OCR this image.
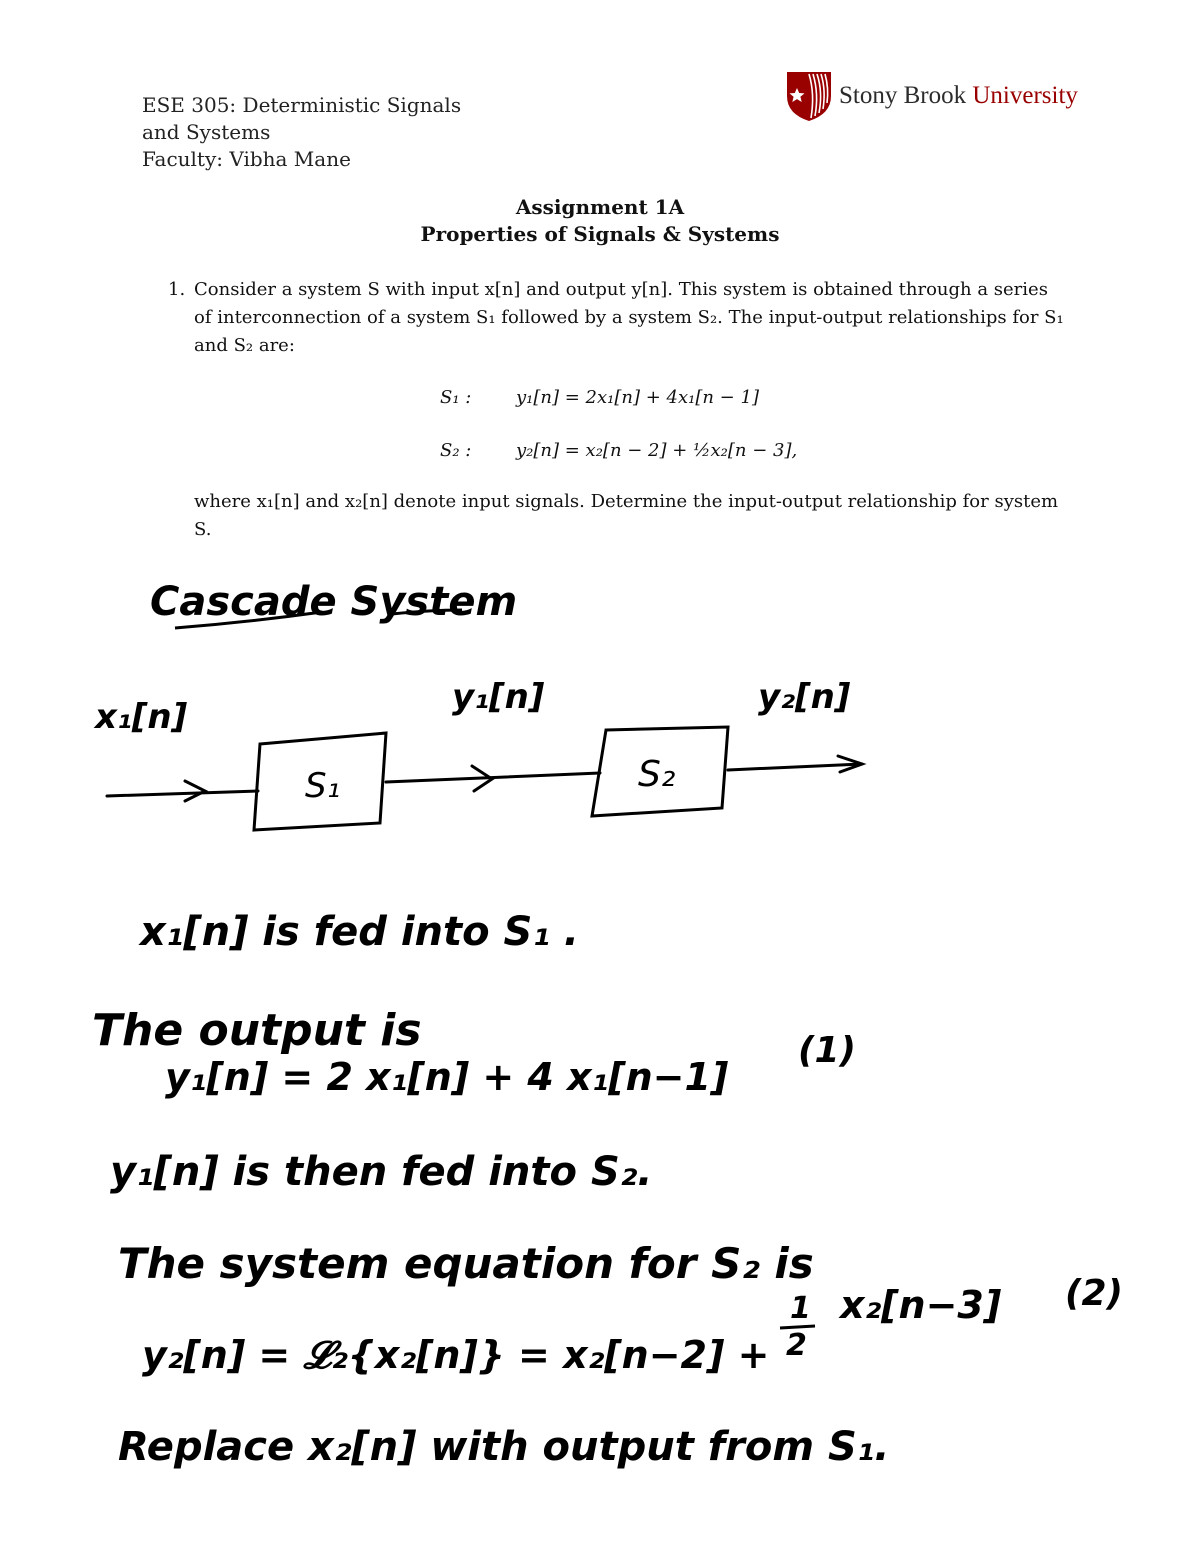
ESE 305: Deterministic Signals
and Systems
Faculty: Vibha Mane
Stony Brook University
Assignment 1A
Properties of Signals & Systems
1. Consider a system S with input x[n] and output y[n]. This system is obtained through a series of interconnection of a system S₁ followed by a system S₂. The input-output relationships for S₁ and S₂ are:
S₁ : y₁[n] = 2x₁[n] + 4x₁[n − 1]
S₂ : y₂[n] = x₂[n − 2] + ½x₂[n − 3],
where x₁[n] and x₂[n] denote input signals. Determine the input-output relationship for system S.
Cascade System
x₁[n]	y₁[n]	y₂[n]
S₁	S₂
x₁[n] is fed into S₁ .
The output is
y₁[n] = 2 x₁[n] + 4 x₁[n−1]
(1)
y₁[n] is then fed into S₂.
The system equation for S₂ is
y₂[n] = 𝓛₂{x₂[n]} = x₂[n−2] +
1
2
x₂[n−3] (2)
Replace x₂[n] with output from S₁.
